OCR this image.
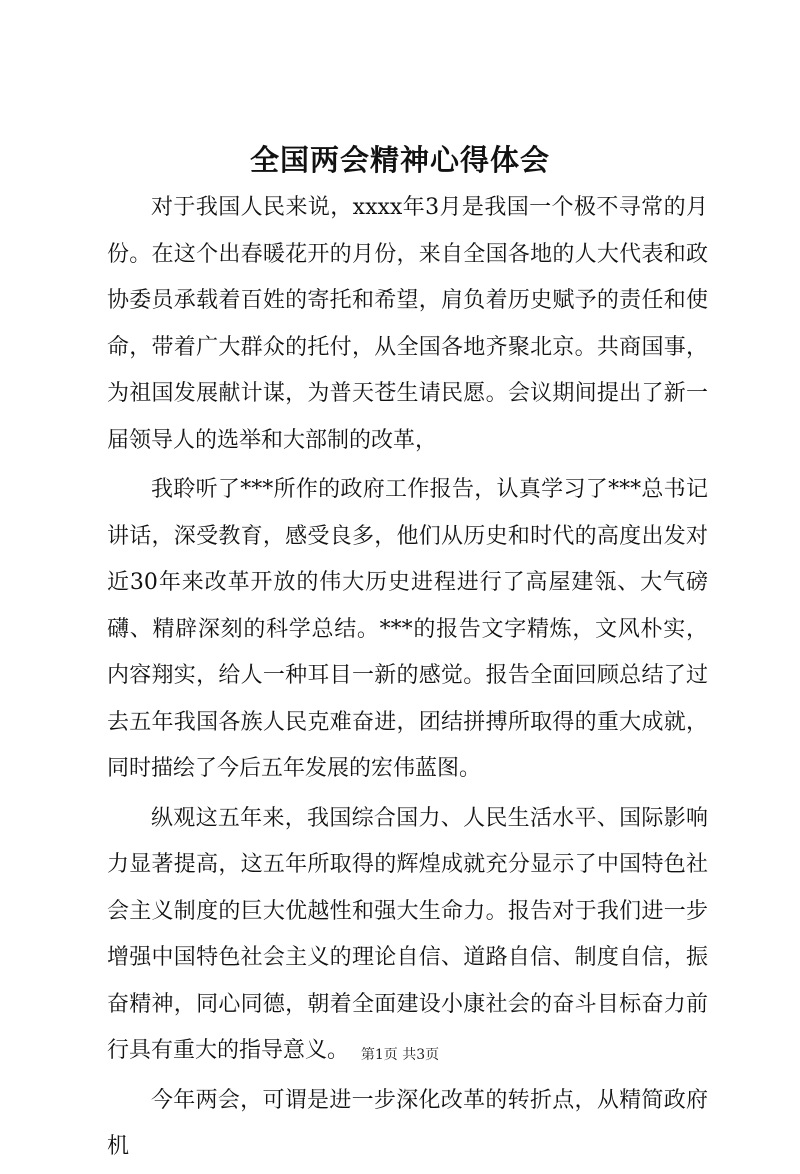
全国两会精神心得体会

对于我国人民来说，xxxx年3月是我国一个极不寻常的月份。在这个出春暖花开的月份，来自全国各地的人大代表和政协委员承载着百姓的寄托和希望，肩负着历史赋予的责任和使命，带着广大群众的托付，从全国各地齐聚北京。共商国事，为祖国发展献计谋，为普天苍生请民愿。会议期间提出了新一届领导人的选举和大部制的改革，

我聆听了***所作的政府工作报告，认真学习了***总书记讲话，深受教育，感受良多，他们从历史和时代的高度出发对近30年来改革开放的伟大历史进程进行了高屋建瓴、大气磅礴、精辟深刻的科学总结。***的报告文字精炼，文风朴实，内容翔实，给人一种耳目一新的感觉。报告全面回顾总结了过去五年我国各族人民克难奋进，团结拼搏所取得的重大成就，同时描绘了今后五年发展的宏伟蓝图。

纵观这五年来，我国综合国力、人民生活水平、国际影响力显著提高，这五年所取得的辉煌成就充分显示了中国特色社会主义制度的巨大优越性和强大生命力。报告对于我们进一步增强中国特色社会主义的理论自信、道路自信、制度自信，振奋精神，同心同德，朝着全面建设小康社会的奋斗目标奋力前行具有重大的指导意义。

今年两会，可谓是进一步深化改革的转折点，从精简政府机

第1页 共3页
